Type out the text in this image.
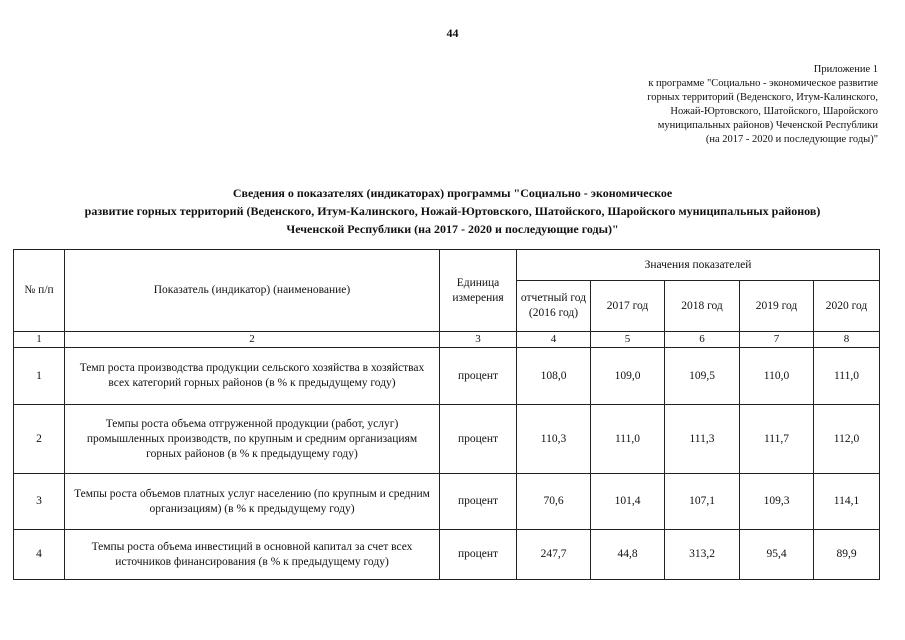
44
Приложение 1
к программе "Социально - экономическое развитие
горных территорий (Веденского, Итум-Калинского,
Ножай-Юртовского, Шатойского, Шаройского
муниципальных районов) Чеченской Республики
(на 2017 - 2020 и последующие годы)"
Сведения о показателях (индикаторах) программы "Социально - экономическое
развитие горных территорий (Веденского, Итум-Калинского, Ножай-Юртовского, Шатойского, Шаройского муниципальных районов)
Чеченской Республики (на 2017 - 2020 и последующие годы)"
№ п/п	Показатель (индикатор) (наименование)	Единица измерения	Значения показателей				
			отчетный год (2016 год)	2017 год	2018 год	2019 год	2020 год
1	2	3	4	5	6	7	8
1	Темп роста производства продукции сельского хозяйства в хозяйствах всех категорий горных районов (в % к предыдущему году)	процент	108,0	109,0	109,5	110,0	111,0
2	Темпы роста объема отгруженной продукции (работ, услуг) промышленных производств, по крупным и средним организациям горных районов (в % к предыдущему году)	процент	110,3	111,0	111,3	111,7	112,0
3	Темпы роста объемов платных услуг населению (по крупным и средним организациям) (в % к предыдущему году)	процент	70,6	101,4	107,1	109,3	114,1
4	Темпы роста объема инвестиций в основной капитал за счет всех источников финансирования (в % к предыдущему году)	процент	247,7	44,8	313,2	95,4	89,9
